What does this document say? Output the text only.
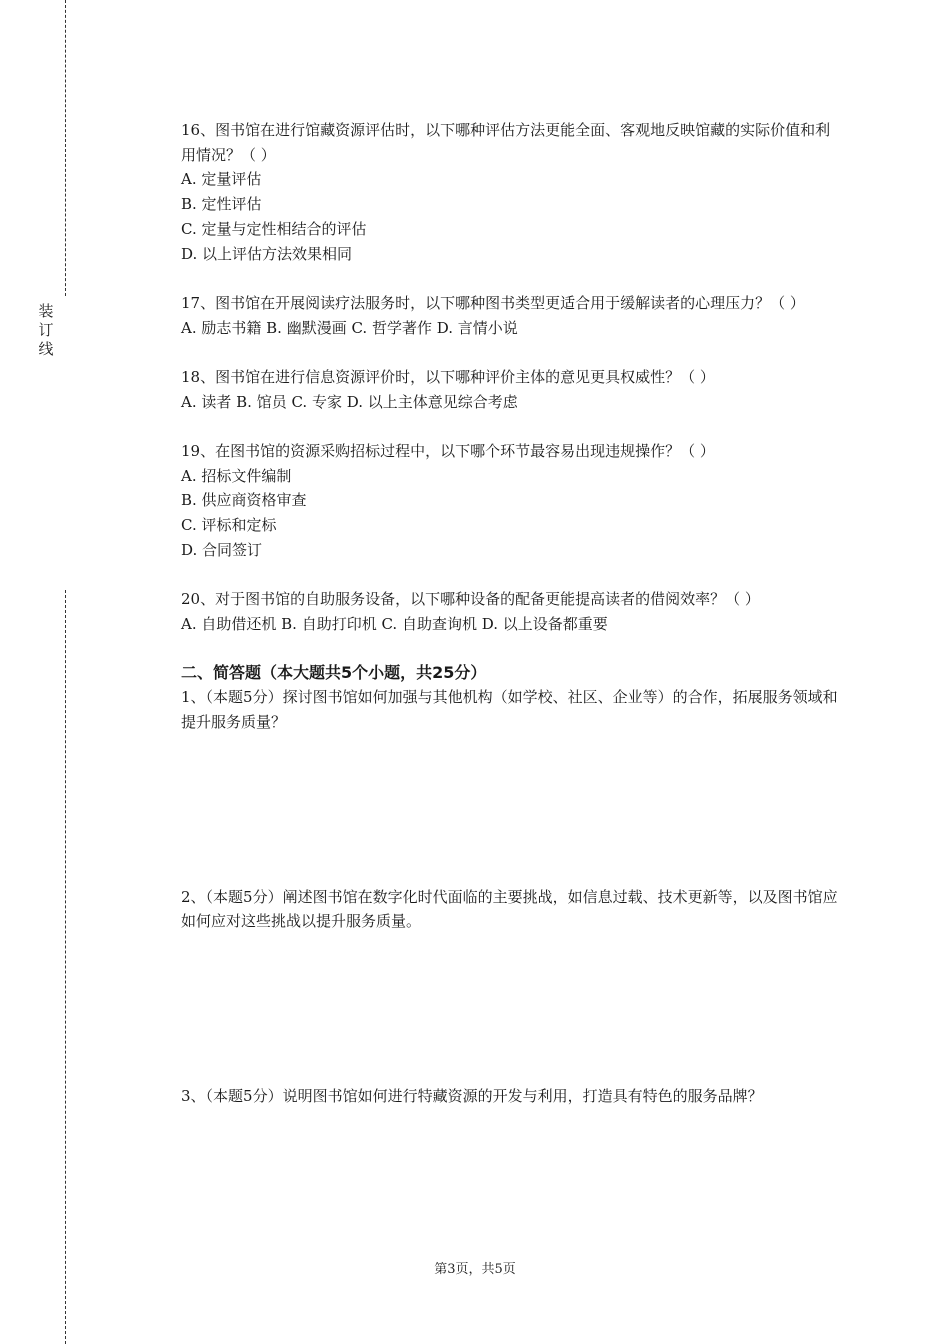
装
订
线

16、图书馆在进行馆藏资源评估时，以下哪种评估方法更能全面、客观地反映馆藏的实际价值和利用情况？（ ）

A. 定量评估

B. 定性评估

C. 定量与定性相结合的评估

D. 以上评估方法效果相同

17、图书馆在开展阅读疗法服务时，以下哪种图书类型更适合用于缓解读者的心理压力？（ ）

A. 励志书籍 B. 幽默漫画 C. 哲学著作 D. 言情小说

18、图书馆在进行信息资源评价时，以下哪种评价主体的意见更具权威性？（ ）

A. 读者 B. 馆员 C. 专家 D. 以上主体意见综合考虑

19、在图书馆的资源采购招标过程中，以下哪个环节最容易出现违规操作？（ ）

A. 招标文件编制

B. 供应商资格审查

C. 评标和定标

D. 合同签订

20、对于图书馆的自助服务设备，以下哪种设备的配备更能提高读者的借阅效率？（ ）

A. 自助借还机 B. 自助打印机 C. 自助查询机 D. 以上设备都重要

二、简答题（本大题共5个小题，共25分）

1、（本题5分）探讨图书馆如何加强与其他机构（如学校、社区、企业等）的合作，拓展服务领域和提升服务质量？

2、（本题5分）阐述图书馆在数字化时代面临的主要挑战，如信息过载、技术更新等，以及图书馆应如何应对这些挑战以提升服务质量。

3、（本题5分）说明图书馆如何进行特藏资源的开发与利用，打造具有特色的服务品牌？

第3页，共5页
